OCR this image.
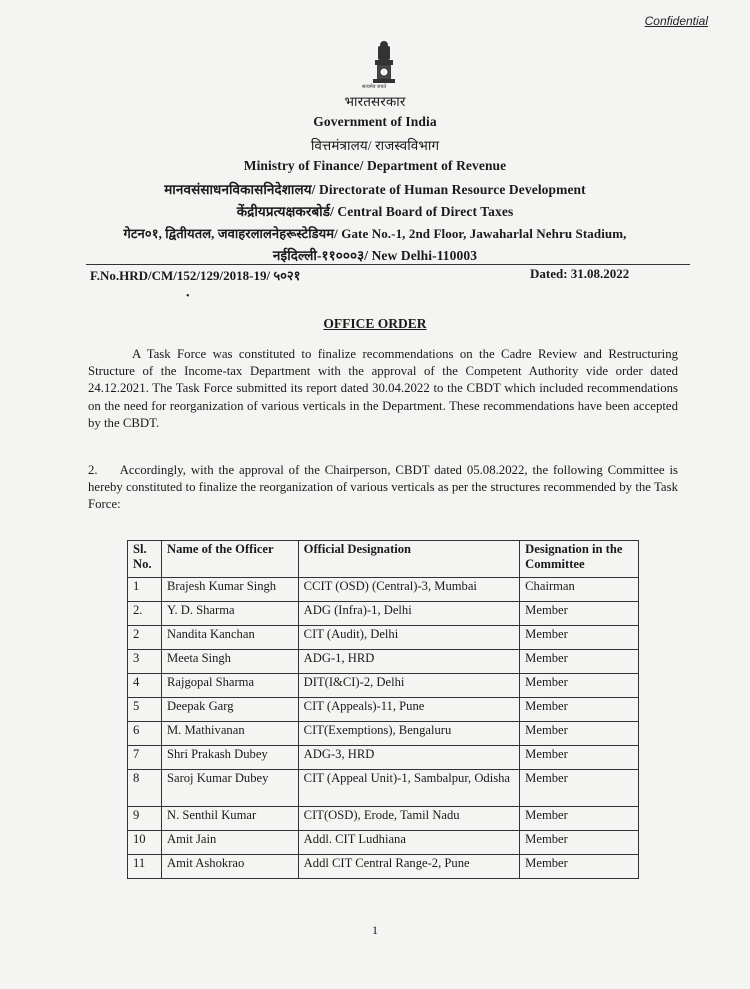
Confidential
सत्यमेव जयते
भारतसरकार
Government of India
वित्तमंत्रालय/ राजस्वविभाग
Ministry of Finance/ Department of Revenue
मानवसंसाधनविकासनिदेशालय/ Directorate of Human Resource Development
केंद्रीयप्रत्यक्षकरबोर्ड/ Central Board of Direct Taxes
गेटन०१, द्वितीयतल, जवाहरलालनेहरूस्टेडियम/ Gate No.-1, 2nd Floor, Jawaharlal Nehru Stadium,
नईदिल्ली-११०००३/ New Delhi-110003
F.No.HRD/CM/152/129/2018-19/ ५०२१	Dated: 31.08.2022
•
OFFICE ORDER
A Task Force was constituted to finalize recommendations on the Cadre Review and Restructuring Structure of the Income-tax Department with the approval of the Competent Authority vide order dated 24.12.2021. The Task Force submitted its report dated 30.04.2022 to the CBDT which included recommendations on the need for reorganization of various verticals in the Department. These recommendations have been accepted by the CBDT.
2. Accordingly, with the approval of the Chairperson, CBDT dated 05.08.2022, the following Committee is hereby constituted to finalize the reorganization of various verticals as per the structures recommended by the Task Force:
Sl. No.	Name of the Officer	Official Designation	Designation in the Committee
1	Brajesh Kumar Singh	CCIT (OSD) (Central)-3, Mumbai	Chairman
2.	Y. D. Sharma	ADG (Infra)-1, Delhi	Member
2	Nandita Kanchan	CIT (Audit), Delhi	Member
3	Meeta Singh	ADG-1, HRD	Member
4	Rajgopal Sharma	DIT(I&CI)-2, Delhi	Member
5	Deepak Garg	CIT (Appeals)-11, Pune	Member
6	M. Mathivanan	CIT(Exemptions), Bengaluru	Member
7	Shri Prakash Dubey	ADG-3, HRD	Member
8	Saroj Kumar Dubey	CIT (Appeal Unit)-1, Sambalpur, Odisha	Member
9	N. Senthil Kumar	CIT(OSD), Erode, Tamil Nadu	Member
10	Amit Jain	Addl. CIT Ludhiana	Member
11	Amit Ashokrao	Addl CIT Central Range-2, Pune	Member
1
